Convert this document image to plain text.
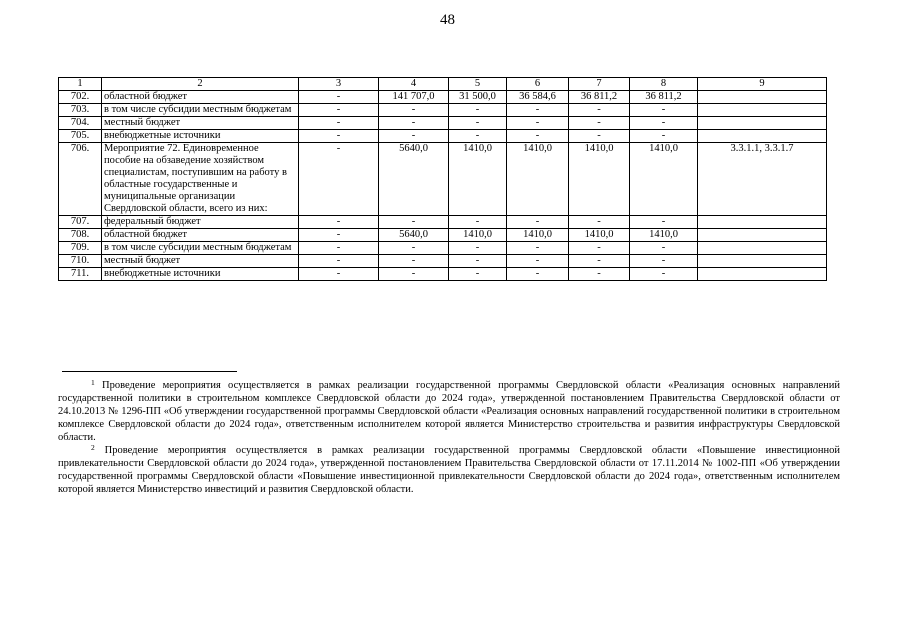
48
1	2	3	4	5	6	7	8	9
702.	областной бюджет	-	141 707,0	31 500,0	36 584,6	36 811,2	36 811,2	
703.	в том числе субсидии местным бюджетам	-	-	-	-	-	-	
704.	местный бюджет	-	-	-	-	-	-	
705.	внебюджетные источники	-	-	-	-	-	-	
706.	Мероприятие 72. Единовременное пособие на обзаведение хозяйством специалистам, поступившим на работу в областные государственные и муниципальные организации Свердловской области, всего из них:	-	5640,0	1410,0	1410,0	1410,0	1410,0	3.3.1.1, 3.3.1.7
707.	федеральный бюджет	-	-	-	-	-	-	
708.	областной бюджет	-	5640,0	1410,0	1410,0	1410,0	1410,0	
709.	в том числе субсидии местным бюджетам	-	-	-	-	-	-	
710.	местный бюджет	-	-	-	-	-	-	
711.	внебюджетные источники	-	-	-	-	-	-	

$^1$ Проведение мероприятия осуществляется в рамках реализации государственной программы Свердловской области «Реализация основных направлений государственной политики в строительном комплексе Свердловской области до 2024 года», утвержденной постановлением Правительства Свердловской области от 24.10.2013 № 1296-ПП «Об утверждении государственной программы Свердловской области «Реализация основных направлений государственной политики в строительном комплексе Свердловской области до 2024 года», ответственным исполнителем которой является Министерство строительства и развития инфраструктуры Свердловской области.

$^2$ Проведение мероприятия осуществляется в рамках реализации государственной программы Свердловской области «Повышение инвестиционной привлекательности Свердловской области до 2024 года», утвержденной постановлением Правительства Свердловской области от 17.11.2014 № 1002-ПП «Об утверждении государственной программы Свердловской области «Повышение инвестиционной привлекательности Свердловской области до 2024 года», ответственным исполнителем которой является Министерство инвестиций и развития Свердловской области.
